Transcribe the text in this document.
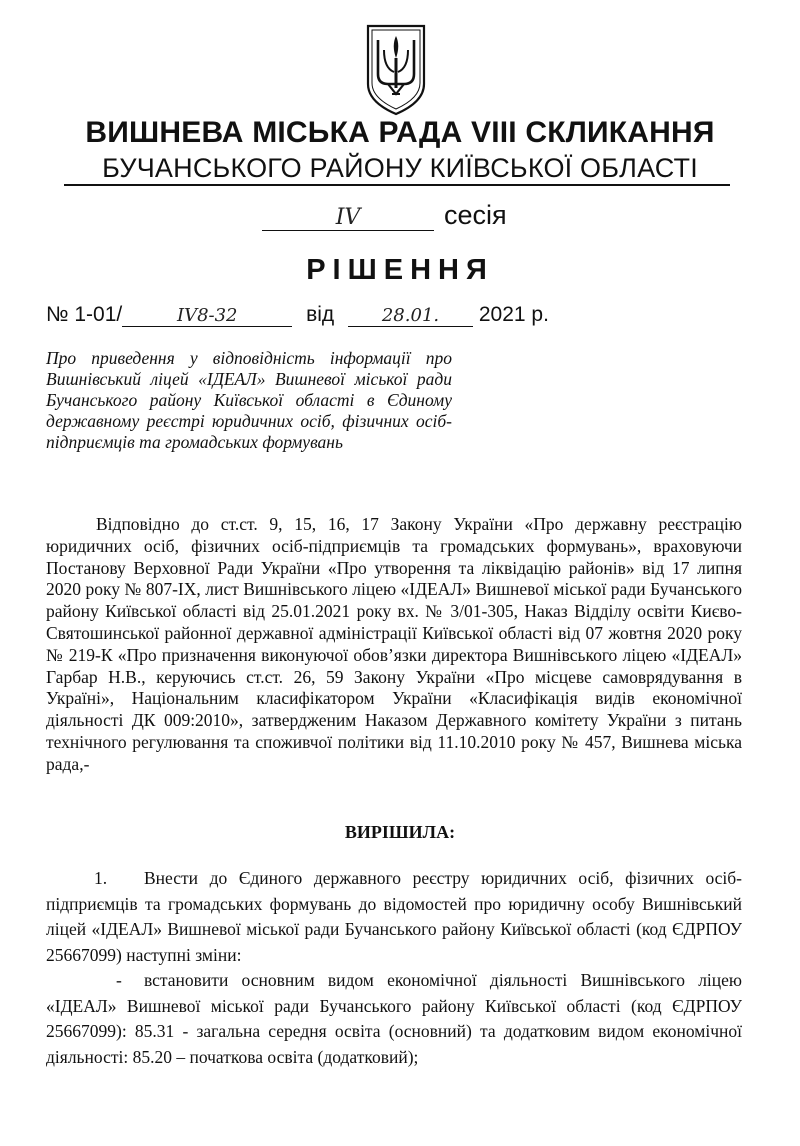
ВИШНЕВА МІСЬКА РАДА VIII СКЛИКАННЯ
БУЧАНСЬКОГО РАЙОНУ КИЇВСЬКОЇ ОБЛАСТІ
IV	сесія
РІШЕННЯ
№ 1-01/	IV8-32	від	28.01. 2021 р.
Про приведення у відповідність інформації про Вишнівський ліцей «ІДЕАЛ» Вишневої міської ради Бучанського району Київської області в Єдиному державному реєстрі юридичних осіб, фізичних осіб-підприємців та громадських формувань
Відповідно до ст.ст. 9, 15, 16, 17 Закону України «Про державну реєстрацію юридичних осіб, фізичних осіб-підприємців та громадських формувань», враховуючи Постанову Верховної Ради України «Про утворення та ліквідацію районів» від 17 липня 2020 року № 807-IX, лист Вишнівського ліцею «ІДЕАЛ» Вишневої міської ради Бучанського району Київської області від 25.01.2021 року вх. № 3/01-305, Наказ Відділу освіти Києво-Святошинської районної державної адміністрації Київської області від 07 жовтня 2020 року № 219-К «Про призначення виконуючої обов’язки директора Вишнівського ліцею «ІДЕАЛ» Гарбар Н.В., керуючись ст.ст. 26, 59 Закону України «Про місцеве самоврядування в Україні», Національним класифікатором України «Класифікація видів економічної діяльності ДК 009:2010», затвердженим Наказом Державного комітету України з питань технічного регулювання та споживчої політики від 11.10.2010 року № 457, Вишнева міська рада,-
ВИРІШИЛА:
1. Внести до Єдиного державного реєстру юридичних осіб, фізичних осіб-підприємців та громадських формувань до відомостей про юридичну особу Вишнівський ліцей «ІДЕАЛ» Вишневої міської ради Бучанського району Київської області (код ЄДРПОУ 25667099) наступні зміни:
- встановити основним видом економічної діяльності Вишнівського ліцею «ІДЕАЛ» Вишневої міської ради Бучанського району Київської області (код ЄДРПОУ 25667099): 85.31 - загальна середня освіта (основний) та додатковим видом економічної діяльності: 85.20 – початкова освіта (додатковий);
